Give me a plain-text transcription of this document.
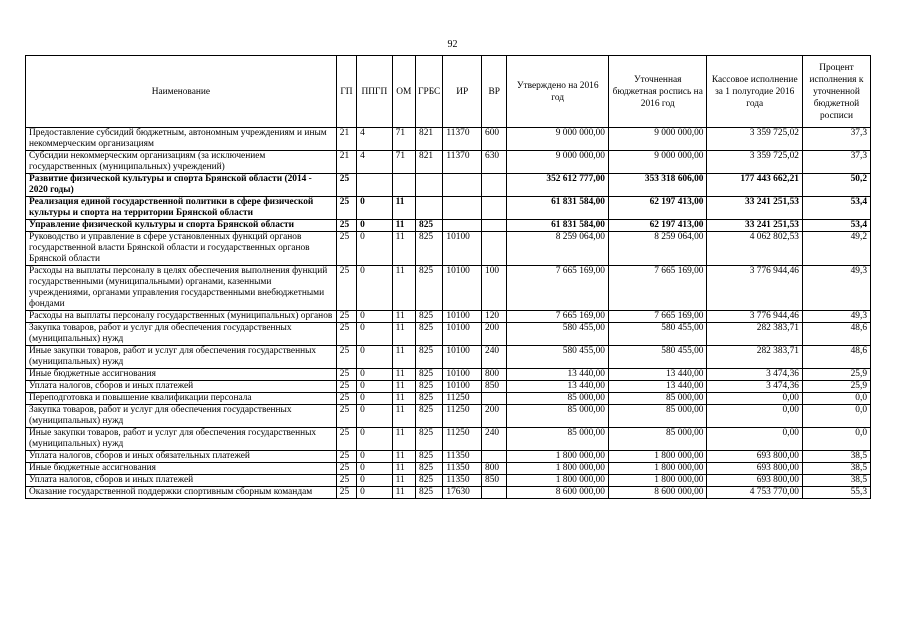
92
Наименование	ГП	ППГП	ОМ	ГРБС	ИР	ВР	Утверждено на 2016 год	Уточненная бюджетная роспись на 2016 год	Кассовое исполнение за 1 полугодие 2016 года	Процент исполнения к уточненной бюджетной росписи
Предоставление субсидий бюджетным, автономным учреждениям и иным некоммерческим организациям	21	4	71	821	11370	600	9 000 000,00	9 000 000,00	3 359 725,02	37,3
Субсидии некоммерческим организациям (за исключением государственных (муниципальных) учреждений)	21	4	71	821	11370	630	9 000 000,00	9 000 000,00	3 359 725,02	37,3
Развитие физической культуры и спорта Брянской области (2014 - 2020 годы)	25						352 612 777,00	353 318 606,00	177 443 662,21	50,2
Реализация единой государственной политики в сфере физической культуры и спорта на территории Брянской области	25	0	11				61 831 584,00	62 197 413,00	33 241 251,53	53,4
Управление физической культуры и спорта Брянской области	25	0	11	825			61 831 584,00	62 197 413,00	33 241 251,53	53,4
Руководство и управление в сфере установленных функций органов государственной власти Брянской области и государственных органов Брянской области	25	0	11	825	10100		8 259 064,00	8 259 064,00	4 062 802,53	49,2
Расходы на выплаты персоналу в целях обеспечения выполнения функций государственными (муниципальными) органами, казенными учреждениями, органами управления государственными внебюджетными фондами	25	0	11	825	10100	100	7 665 169,00	7 665 169,00	3 776 944,46	49,3
Расходы на выплаты персоналу государственных (муниципальных) органов	25	0	11	825	10100	120	7 665 169,00	7 665 169,00	3 776 944,46	49,3
Закупка товаров, работ и услуг для обеспечения государственных (муниципальных) нужд	25	0	11	825	10100	200	580 455,00	580 455,00	282 383,71	48,6
Иные закупки товаров, работ и услуг для обеспечения государственных (муниципальных) нужд	25	0	11	825	10100	240	580 455,00	580 455,00	282 383,71	48,6
Иные бюджетные ассигнования	25	0	11	825	10100	800	13 440,00	13 440,00	3 474,36	25,9
Уплата налогов, сборов и иных платежей	25	0	11	825	10100	850	13 440,00	13 440,00	3 474,36	25,9
Переподготовка и повышение квалификации персонала	25	0	11	825	11250		85 000,00	85 000,00	0,00	0,0
Закупка товаров, работ и услуг для обеспечения государственных (муниципальных) нужд	25	0	11	825	11250	200	85 000,00	85 000,00	0,00	0,0
Иные закупки товаров, работ и услуг для обеспечения государственных (муниципальных) нужд	25	0	11	825	11250	240	85 000,00	85 000,00	0,00	0,0
Уплата налогов, сборов и иных обязательных платежей	25	0	11	825	11350		1 800 000,00	1 800 000,00	693 800,00	38,5
Иные бюджетные ассигнования	25	0	11	825	11350	800	1 800 000,00	1 800 000,00	693 800,00	38,5
Уплата налогов, сборов и иных платежей	25	0	11	825	11350	850	1 800 000,00	1 800 000,00	693 800,00	38,5
Оказание государственной поддержки спортивным сборным командам	25	0	11	825	17630		8 600 000,00	8 600 000,00	4 753 770,00	55,3
